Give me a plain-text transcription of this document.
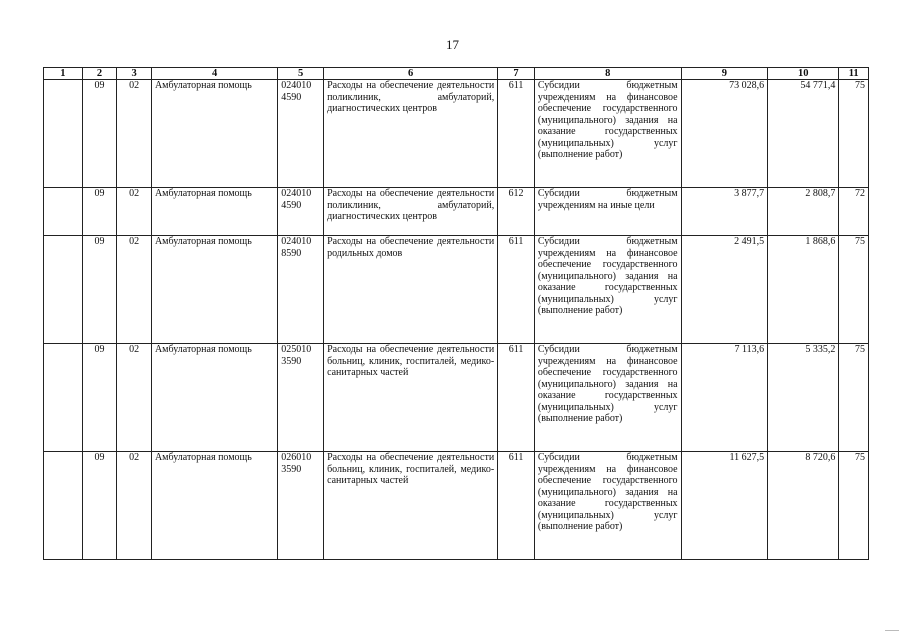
17
1	2	3	4	5	6	7	8	9	10	11
	09	02	Амбулаторная помощь	024010 4590	Расходы на обеспечение деятельности поликлиник, амбулаторий, диагностических центров	611	Субсидии бюджетным учреждениям на финансовое обеспечение государственного (муниципального) задания на оказание государственных (муниципальных) услуг (выполнение работ)	73 028,6	54 771,4	75
	09	02	Амбулаторная помощь	024010 4590	Расходы на обеспечение деятельности поликлиник, амбулаторий, диагностических центров	612	Субсидии бюджетным учреждениям на иные цели	3 877,7	2 808,7	72
	09	02	Амбулаторная помощь	024010 8590	Расходы на обеспечение деятельности родильных домов	611	Субсидии бюджетным учреждениям на финансовое обеспечение государственного (муниципального) задания на оказание государственных (муниципальных) услуг (выполнение работ)	2 491,5	1 868,6	75
	09	02	Амбулаторная помощь	025010 3590	Расходы на обеспечение деятельности больниц, клиник, госпиталей, медико-санитарных частей	611	Субсидии бюджетным учреждениям на финансовое обеспечение государственного (муниципального) задания на оказание государственных (муниципальных) услуг (выполнение работ)	7 113,6	5 335,2	75
	09	02	Амбулаторная помощь	026010 3590	Расходы на обеспечение деятельности больниц, клиник, госпиталей, медико-санитарных частей	611	Субсидии бюджетным учреждениям на финансовое обеспечение государственного (муниципального) задания на оказание государственных (муниципальных) услуг (выполнение работ)	11 627,5	8 720,6	75
